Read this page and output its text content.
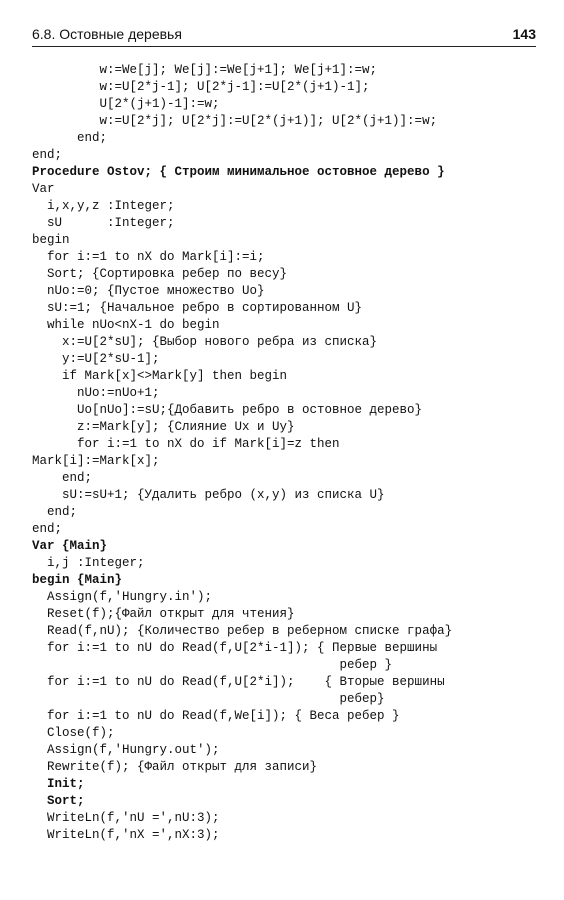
6.8. Остовные деревья	143
w:=We[j]; We[j]:=We[j+1]; We[j+1]:=w;
w:=U[2*j-1]; U[2*j-1]:=U[2*(j+1)-1];
U[2*(j+1)-1]:=w;
w:=U[2*j]; U[2*j]:=U[2*(j+1)]; U[2*(j+1)]:=w;
end;
end;
Procedure Ostov; { Строим минимальное остовное дерево }
Var
i,x,y,z :Integer;
sU      :Integer;
begin
for i:=1 to nX do Mark[i]:=i;
Sort; {Сортировка ребер по весу}
nUo:=0; {Пустое множество Uo}
sU:=1; {Начальное ребро в сортированном U}
while nUo<nX-1 do begin
x:=U[2*sU]; {Выбор нового ребра из списка}
y:=U[2*sU-1];
if Mark[x]<>Mark[y] then begin
nUo:=nUo+1;
Uo[nUo]:=sU;{Добавить ребро в остовное дерево}
z:=Mark[y]; {Слияние Ux и Uy}
for i:=1 to nX do if Mark[i]=z then
Mark[i]:=Mark[x];
end;
sU:=sU+1; {Удалить ребро (x,y) из списка U}
end;
end;
Var {Main}
i,j :Integer;
begin {Main}
Assign(f,'Hungry.in');
Reset(f);{Файл открыт для чтения}
Read(f,nU); {Количество ребер в реберном списке графа}
for i:=1 to nU do Read(f,U[2*i-1]); { Первые вершины
ребер }
for i:=1 to nU do Read(f,U[2*i]);    { Вторые вершины
ребер}
for i:=1 to nU do Read(f,We[i]); { Веса ребер }
Close(f);
Assign(f,'Hungry.out');
Rewrite(f); {Файл открыт для записи}
Init;
Sort;
WriteLn(f,'nU =',nU:3);
WriteLn(f,'nX =',nX:3);
